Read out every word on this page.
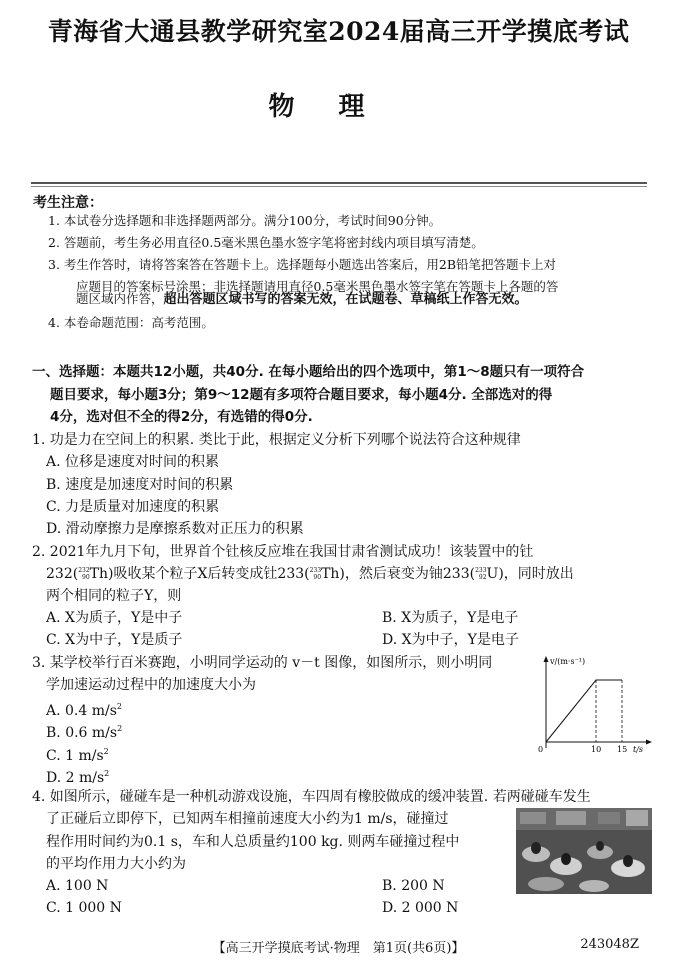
青海省大通县教学研究室2024届高三开学摸底考试
物理
考生注意：
1. 本试卷分选择题和非选择题两部分。满分100分，考试时间90分钟。
2. 答题前，考生务必用直径0.5毫米黑色墨水签字笔将密封线内项目填写清楚。
3. 考生作答时，请将答案答在答题卡上。选择题每小题选出答案后，用2B铅笔把答题卡上对
应题目的答案标号涂黑；非选择题请用直径0.5毫米黑色墨水签字笔在答题卡上各题的答
题区域内作答，超出答题区域书写的答案无效，在试题卷、草稿纸上作答无效。
4. 本卷命题范围：高考范围。
一、选择题：本题共12小题，共40分. 在每小题给出的四个选项中，第1～8题只有一项符合
题目要求，每小题3分；第9～12题有多项符合题目要求，每小题4分. 全部选对的得
4分，选对但不全的得2分，有选错的得0分.
1. 功是力在空间上的积累. 类比于此，根据定义分析下列哪个说法符合这种规律
A. 位移是速度对时间的积累
B. 速度是加速度对时间的积累
C. 力是质量对加速度的积累
D. 滑动摩擦力是摩擦系数对正压力的积累
2. 2021年九月下旬，世界首个钍核反应堆在我国甘肃省测试成功！该装置中的钍
232(232
90Th)吸收某个粒子X后转变成钍233(233
90Th)，然后衰变为铀233(233
92U)，同时放出
两个相同的粒子Y，则
A. X为质子，Y是中子	B. X为质子，Y是电子
C. X为中子，Y是质子	D. X为中子，Y是电子
3. 某学校举行百米赛跑，小明同学运动的 v－t 图像，如图所示，则小明同
学加速运动过程中的加速度大小为
A. 0.4 $m/s^2$
B. 0.6 $m/s^2$
C. 1 $m/s^2$
D. 2 $m/s^2$
v/(m·s⁻¹)
0	10 15 t/s
4. 如图所示，碰碰车是一种机动游戏设施，车四周有橡胶做成的缓冲装置. 若两碰碰车发生
了正碰后立即停下，已知两车相撞前速度大小约为1 m/s，碰撞过
程作用时间约为0.1 s，车和人总质量约100 kg. 则两车碰撞过程中
的平均作用力大小约为
A. 100 N	B. 200 N
C. 1 000 N	D. 2 000 N
【高三开学摸底考试·物理　第1页(共6页)】	243048Z
